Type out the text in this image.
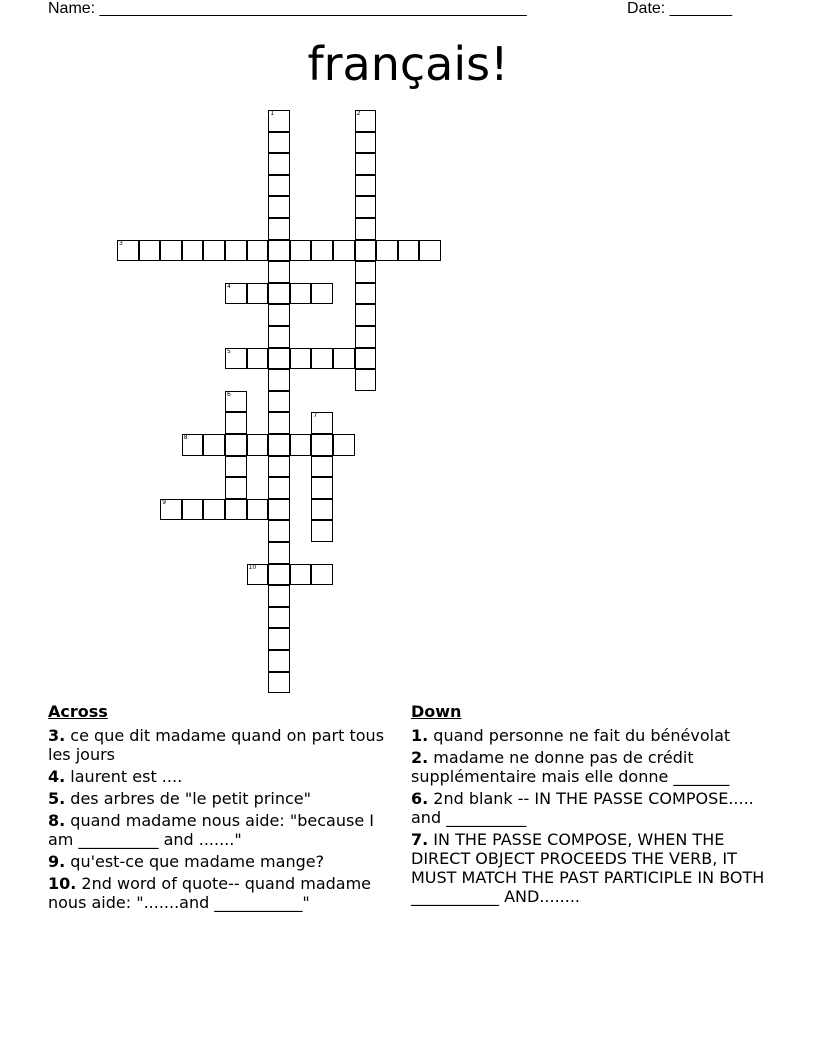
Name: ________________________________________________	Date: _______
français!
1	2
3
4
5
6
7
8
9
10
Across
3. ce que dit madame quand on part tous les jours
4. laurent est ....
5. des arbres de "le petit prince"
8. quand madame nous aide: "because I am __________ and ......."
9. qu'est-ce que madame mange?
10. 2nd word of quote-- quand madame nous aide: ".......and ___________"
Down
1. quand personne ne fait du bénévolat
2. madame ne donne pas de crédit supplémentaire mais elle donne _______
6. 2nd blank -- IN THE PASSE COMPOSE..... and __________
7. IN THE PASSE COMPOSE, WHEN THE DIRECT OBJECT PROCEEDS THE VERB, IT MUST MATCH THE PAST PARTICIPLE IN BOTH ___________ AND........
